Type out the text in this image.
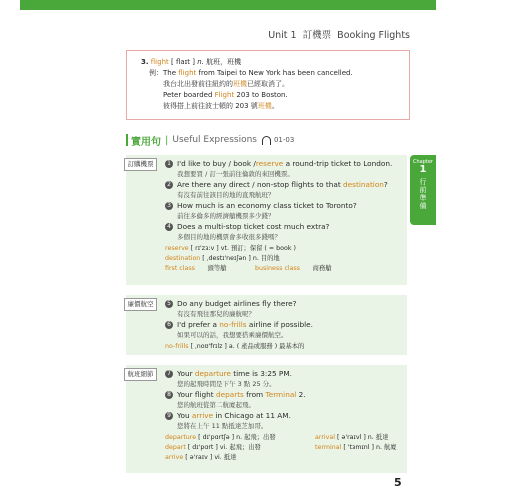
Unit 1 訂機票 Booking Flights
3. flight [ flaɪt ] n. 航班，班機
例：The flight from Taipei to New York has been cancelled.
我台北出發前往紐約的班機已經取消了。
Peter boarded Flight 203 to Boston.
彼得搭上前往波士頓的 203 號班機。
實用句 | Useful Expressions 01-03
Chapter
1
行
前
準
備
訂購機票	1 I'd like to buy / book / reserve a round-trip ticket to London.
我想要買 / 訂一張前往倫敦的來回機票。
2 Are there any direct / non-stop flights to that destination ?
有沒有前往該目的地的直飛航班？
3 How much is an economy class ticket to Toronto?
前往多倫多的經濟艙機票多少錢？
4 Does a multi-stop ticket cost much extra?
多個目的地的機票會多收很多錢嗎？
reserve [ rɪ'zɜːv ] vt. 預訂；保留 ( = book )
destination [ ˌdestɪ'neɪʃən ] n. 目的地
first class　　頭等艙	business class　　商務艙
廉價航空	5 Do any budget airlines fly there?
有沒有飛往那兒的廉航呢？
6 I'd prefer a no-frills airline if possible.
如果可以的話，我想要搭乘廉價航空。
no-frills [ ˌnoʊ'frɪlz ] a. ( 產品或服務 ) 最基本的
航班細節	7 Your departure time is 3:25 PM.
您的起飛時間是下午 3 點 25 分。
8 Your flight departs from Terminal 2.
您的航班從第二航廈起飛。
9 You arrive in Chicago at 11 AM.
您將在上午 11 點抵達芝加哥。
departure [ dɪ'pɑrtʃə ] n. 起飛；出發
depart [ dɪ'pɑrt ] vi. 起飛；出發
arrive [ ə'raɪv ] vi. 抵達
arrival [ ə'raɪvl ] n. 抵達
terminal [ 'tɜmɪnl ] n. 航廈
5
